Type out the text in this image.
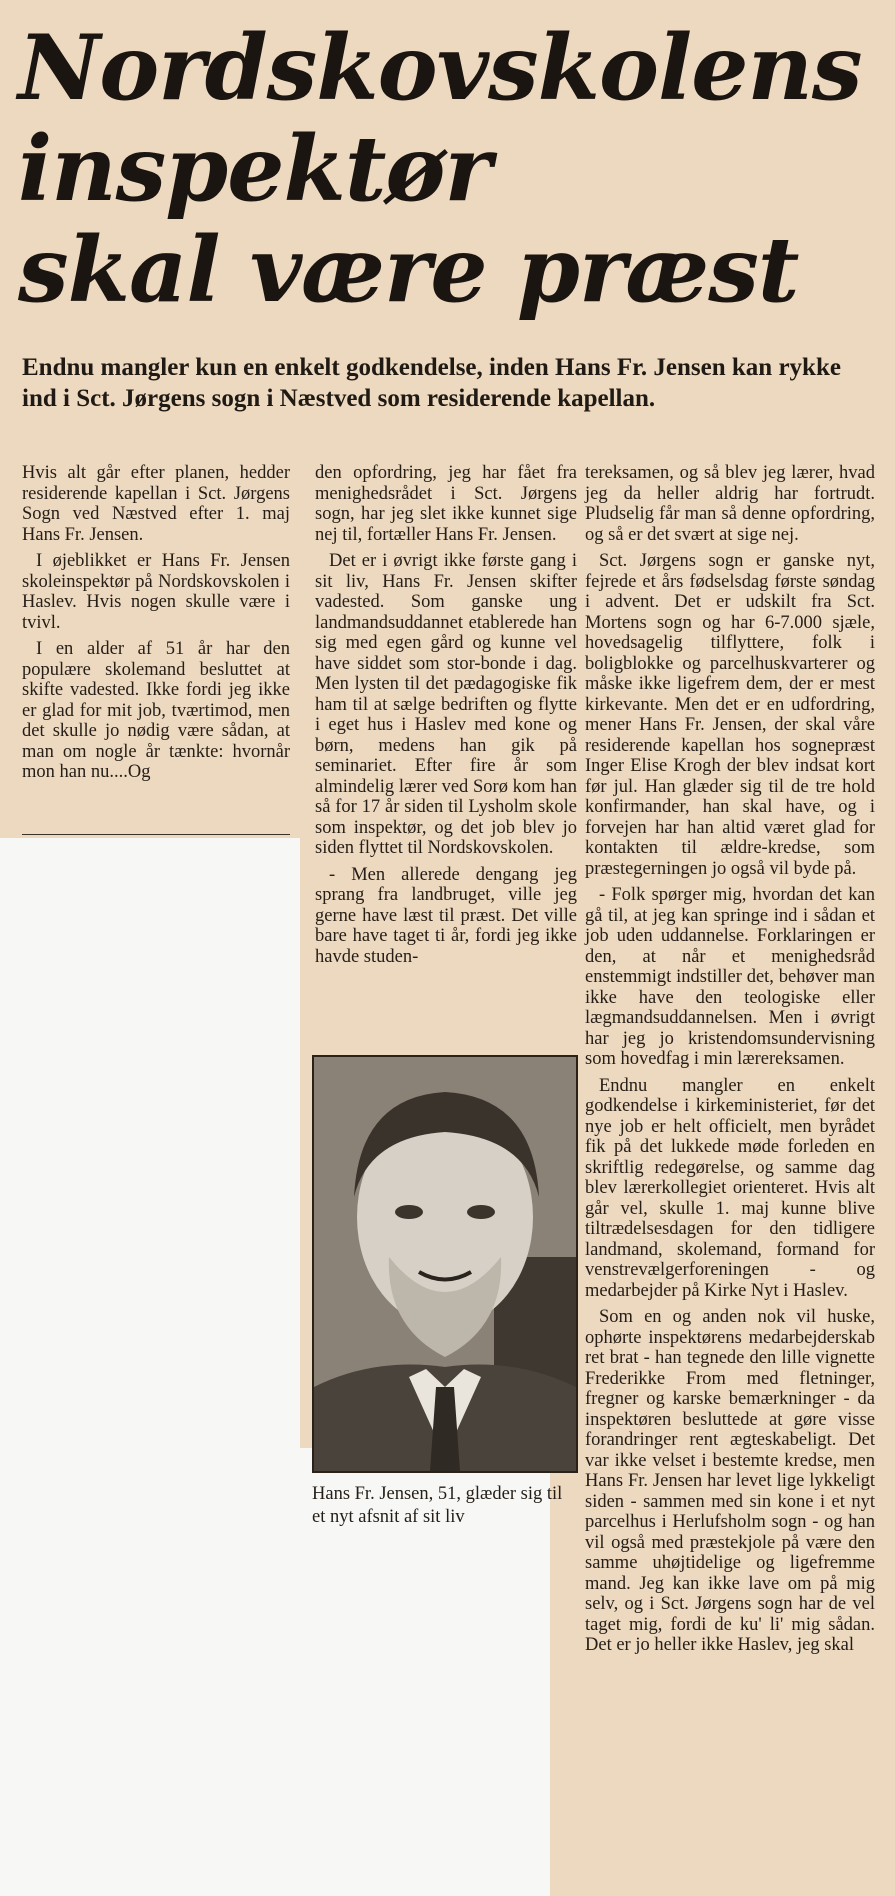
Nordskovskolens
inspektør
skal være præst
Endnu mangler kun en enkelt godkendelse, inden Hans Fr. Jensen kan rykke ind i Sct. Jørgens sogn i Næstved som residerende kapellan.

Hvis alt går efter planen, hedder residerende kapellan i Sct. Jørgens Sogn ved Næstved efter 1. maj Hans Fr. Jensen.

I øjeblikket er Hans Fr. Jensen skoleinspektør på Nordskovskolen i Haslev. Hvis nogen skulle være i tvivl.

I en alder af 51 år har den populære skolemand besluttet at skifte vadested. Ikke fordi jeg ikke er glad for mit job, tværtimod, men det skulle jo nødig være sådan, at man om nogle år tænkte: hvornår mon han nu....Og

den opfordring, jeg har fået fra menighedsrådet i Sct. Jørgens sogn, har jeg slet ikke kunnet sige nej til, fortæller Hans Fr. Jensen.

Det er i øvrigt ikke første gang i sit liv, Hans Fr. Jensen skifter vadested. Som ganske ung landmandsuddannet etablerede han sig med egen gård og kunne vel have siddet som stor-bonde i dag. Men lysten til det pædagogiske fik ham til at sælge bedriften og flytte i eget hus i Haslev med kone og børn, medens han gik på seminariet. Efter fire år som almindelig lærer ved Sorø kom han så for 17 år siden til Lysholm skole som inspektør, og det job blev jo siden flyttet til Nordskovskolen.

- Men allerede dengang jeg sprang fra landbruget, ville jeg gerne have læst til præst. Det ville bare have taget ti år, fordi jeg ikke havde studen-

Hans Fr. Jensen, 51, glæder sig til et nyt afsnit af sit liv

tereksamen, og så blev jeg lærer, hvad jeg da heller aldrig har fortrudt. Pludselig får man så denne opfordring, og så er det svært at sige nej.

Sct. Jørgens sogn er ganske nyt, fejrede et års fødselsdag første søndag i advent. Det er udskilt fra Sct. Mortens sogn og har 6-7.000 sjæle, hovedsagelig tilflyttere, folk i boligblokke og parcelhuskvarterer og måske ikke ligefrem dem, der er mest kirkevante. Men det er en udfordring, mener Hans Fr. Jensen, der skal våre residerende kapellan hos sognepræst Inger Elise Krogh der blev indsat kort før jul. Han glæder sig til de tre hold konfirmander, han skal have, og i forvejen har han altid været glad for kontakten til ældre-kredse, som præstegerningen jo også vil byde på.

- Folk spørger mig, hvordan det kan gå til, at jeg kan springe ind i sådan et job uden uddannelse. Forklaringen er den, at når et menighedsråd enstemmigt indstiller det, behøver man ikke have den teologiske eller lægmandsuddannelsen. Men i øvrigt har jeg jo kristendomsundervisning som hovedfag i min lærereksamen.

Endnu mangler en enkelt godkendelse i kirkeministeriet, før det nye job er helt officielt, men byrådet fik på det lukkede møde forleden en skriftlig redegørelse, og samme dag blev lærerkollegiet orienteret. Hvis alt går vel, skulle 1. maj kunne blive tiltrædelsesdagen for den tidligere landmand, skolemand, formand for venstrevælgerforeningen - og medarbejder på Kirke Nyt i Haslev.

Som en og anden nok vil huske, ophørte inspektørens medarbejderskab ret brat - han tegnede den lille vignette Frederikke From med fletninger, fregner og karske bemærkninger - da inspektøren besluttede at gøre visse forandringer rent ægteskabeligt. Det var ikke velset i bestemte kredse, men Hans Fr. Jensen har levet lige lykkeligt siden - sammen med sin kone i et nyt parcelhus i Herlufsholm sogn - og han vil også med præstekjole på være den samme uhøjtidelige og ligefremme mand. Jeg kan ikke lave om på mig selv, og i Sct. Jørgens sogn har de vel taget mig, fordi de ku' li' mig sådan. Det er jo heller ikke Haslev, jeg skal
